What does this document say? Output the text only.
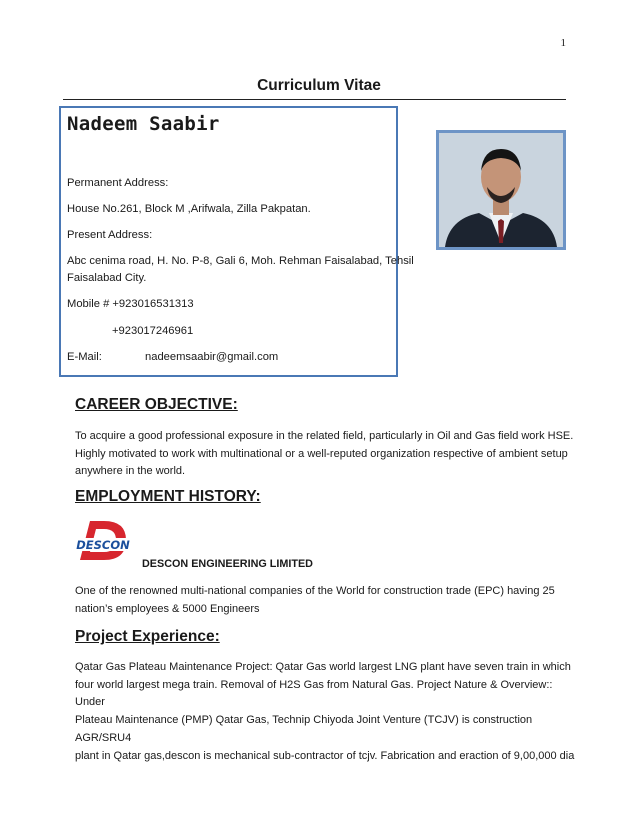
1
Curriculum Vitae
Nadeem Saabir
Permanent Address:
House No.261, Block M ,Arifwala, Zilla Pakpatan.
Present Address:
Abc cenima road, H. No. P-8, Gali 6, Moh. Rehman Faisalabad, Tehsil
Faisalabad City.
Mobile # +923016531313
+923017246961
E-Mail:	nadeemsaabir@gmail.com
CAREER OBJECTIVE:
To acquire a good professional exposure in the related field, particularly in Oil and Gas field work HSE.
Highly motivated to work with multinational or a well-reputed organization respective of ambient setup
anywhere in the world.
EMPLOYMENT HISTORY:
DESCON
DESCON ENGINEERING LIMITED
One of the renowned multi-national companies of the World for construction trade (EPC) having 25
nation’s employees & 5000 Engineers
Project Experience:
Qatar Gas Plateau Maintenance Project: Qatar Gas world largest LNG plant have seven train in which
four world largest mega train. Removal of H2S Gas from Natural Gas. Project Nature & Overview:: Under
Plateau Maintenance (PMP) Qatar Gas, Technip Chiyoda Joint Venture (TCJV) is construction AGR/SRU4
plant in Qatar gas,descon is mechanical sub-contractor of tcjv. Fabrication and eraction of 9,00,000 dia
